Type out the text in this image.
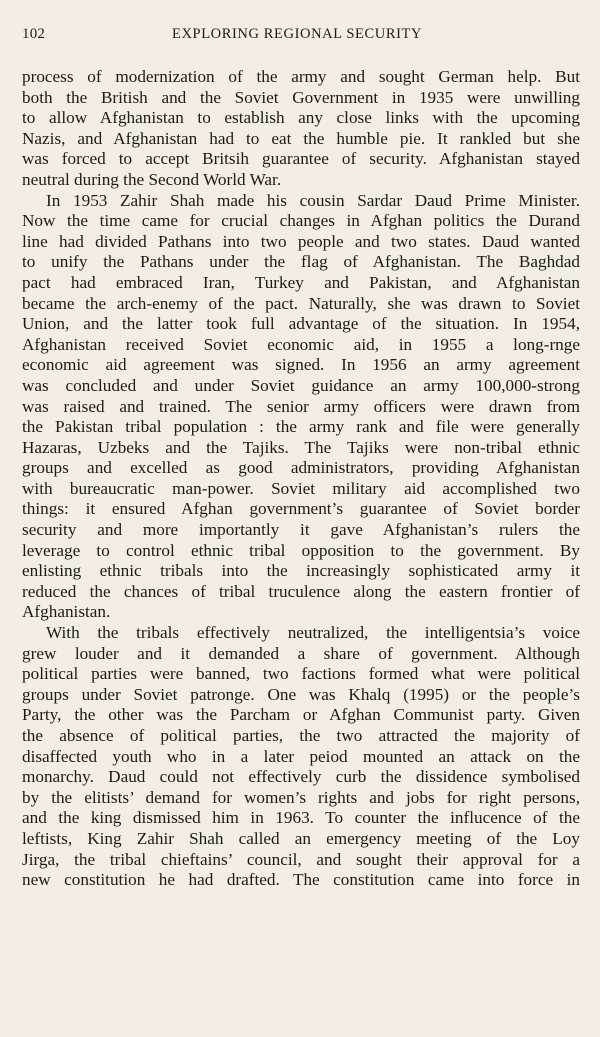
102	EXPLORING REGIONAL SECURITY
process of modernization of the army and sought German help. But
both the British and the Soviet Government in 1935 were unwilling
to allow Afghanistan to establish any close links with the upcoming
Nazis, and Afghanistan had to eat the humble pie. It rankled but she
was forced to accept Britsih guarantee of security. Afghanistan stayed
neutral during the Second World War.
In 1953 Zahir Shah made his cousin Sardar Daud Prime Minister.
Now the time came for crucial changes in Afghan politics the Durand
line had divided Pathans into two people and two states. Daud wanted
to unify the Pathans under the flag of Afghanistan. The Baghdad
pact had embraced Iran, Turkey and Pakistan, and Afghanistan
became the arch-enemy of the pact. Naturally, she was drawn to Soviet
Union, and the latter took full advantage of the situation. In 1954,
Afghanistan received Soviet economic aid, in 1955 a long-rnge
economic aid agreement was signed. In 1956 an army agreement
was concluded and under Soviet guidance an army 100,000-strong
was raised and trained. The senior army officers were drawn from
the Pakistan tribal population : the army rank and file were generally
Hazaras, Uzbeks and the Tajiks. The Tajiks were non-tribal ethnic
groups and excelled as good administrators, providing Afghanistan
with bureaucratic man-power. Soviet military aid accomplished two
things: it ensured Afghan government’s guarantee of Soviet border
security and more importantly it gave Afghanistan’s rulers the
leverage to control ethnic tribal opposition to the government. By
enlisting ethnic tribals into the increasingly sophisticated army it
reduced the chances of tribal truculence along the eastern frontier of
Afghanistan.
With the tribals effectively neutralized, the intelligentsia’s voice
grew louder and it demanded a share of government. Although
political parties were banned, two factions formed what were political
groups under Soviet patronge. One was Khalq (1995) or the people’s
Party, the other was the Parcham or Afghan Communist party. Given
the absence of political parties, the two attracted the majority of
disaffected youth who in a later peiod mounted an attack on the
monarchy. Daud could not effectively curb the dissidence symbolised
by the elitists’ demand for women’s rights and jobs for right persons,
and the king dismissed him in 1963. To counter the influcence of the
leftists, King Zahir Shah called an emergency meeting of the Loy
Jirga, the tribal chieftains’ council, and sought their approval for a
new constitution he had drafted. The constitution came into force in
